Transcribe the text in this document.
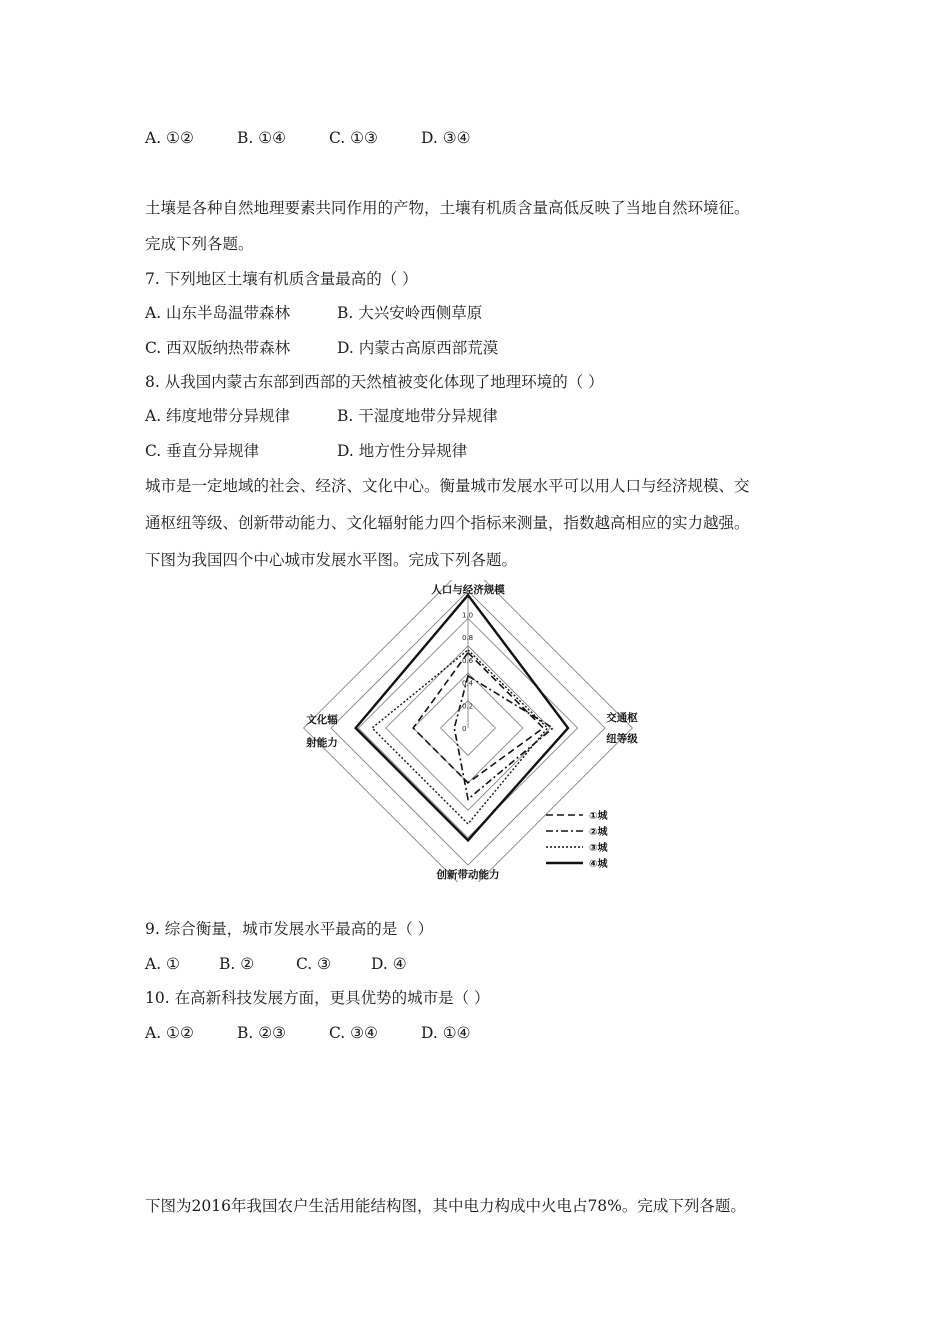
A. ①②	B. ①④	C. ①③	D. ③④

土壤是各种自然地理要素共同作用的产物，土壤有机质含量高低反映了当地自然环境征。

完成下列各题。

7. 下列地区土壤有机质含量最高的（ ）

A. 山东半岛温带森林	B. 大兴安岭西侧草原
C. 西双版纳热带森林	D. 内蒙古高原西部荒漠

8. 从我国内蒙古东部到西部的天然植被变化体现了地理环境的（ ）

A. 纬度地带分异规律	B. 干湿度地带分异规律
C. 垂直分异规律	D. 地方性分异规律

城市是一定地域的社会、经济、文化中心。衡量城市发展水平可以用人口与经济规模、交

通枢纽等级、创新带动能力、文化辐射能力四个指标来测量，指数越高相应的实力越强。

下图为我国四个中心城市发展水平图。完成下列各题。

0
0.2
0.4
0.6
0.8
1.0
人口与经济规模
交通枢
纽等级
创新带动能力
文化辐
射能力
①城
②城
③城
④城

9. 综合衡量，城市发展水平最高的是（ ）

A. ①	B. ②	C. ③	D. ④

10. 在高新科技发展方面，更具优势的城市是（ ）

A. ①②	B. ②③	C. ③④	D. ①④

下图为2016年我国农户生活用能结构图，其中电力构成中火电占78%。完成下列各题。
